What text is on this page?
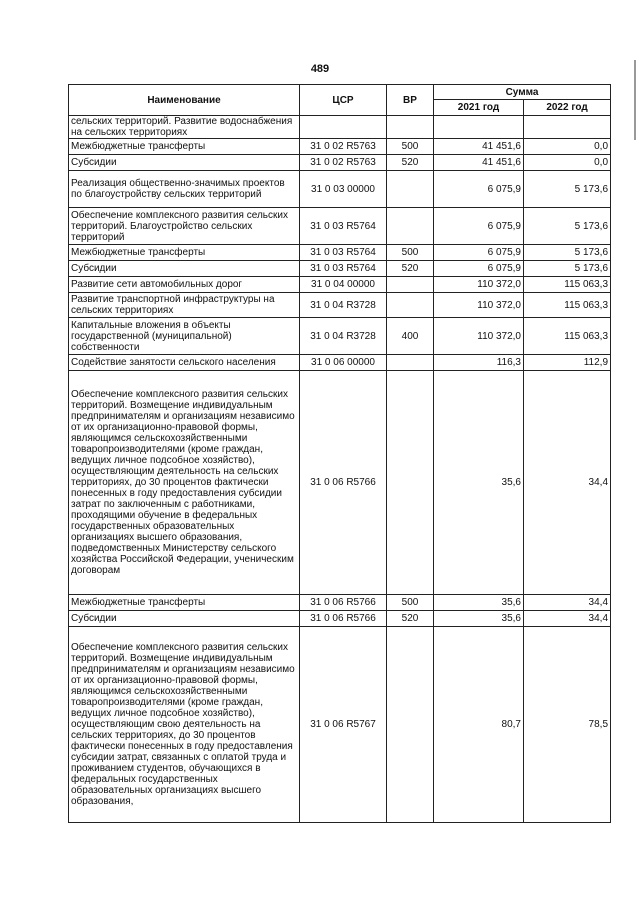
489
Наименование	ЦСР	ВР	Сумма	
			2021 год	2022 год
сельских территорий. Развитие водоснабжения на сельских территориях				
Межбюджетные трансферты	31 0 02 R5763	500	41 451,6	0,0
Субсидии	31 0 02 R5763	520	41 451,6	0,0
Реализация общественно-значимых проектов по благоустройству сельских территорий	31 0 03 00000		6 075,9	5 173,6
Обеспечение комплексного развития сельских территорий. Благоустройство сельских территорий	31 0 03 R5764		6 075,9	5 173,6
Межбюджетные трансферты	31 0 03 R5764	500	6 075,9	5 173,6
Субсидии	31 0 03 R5764	520	6 075,9	5 173,6
Развитие сети автомобильных дорог	31 0 04 00000		110 372,0	115 063,3
Развитие транспортной инфраструктуры на сельских территориях	31 0 04 R3728		110 372,0	115 063,3
Капитальные вложения в объекты государственной (муниципальной) собственности	31 0 04 R3728	400	110 372,0	115 063,3
Содействие занятости сельского населения	31 0 06 00000		116,3	112,9
Обеспечение комплексного развития сельских территорий. Возмещение индивидуальным предпринимателям и организациям независимо от их организационно-правовой формы, являющимся сельскохозяйственными товаропроизводителями (кроме граждан, ведущих личное подсобное хозяйство), осуществляющим деятельность на сельских территориях, до 30 процентов фактически понесенных в году предоставления субсидии затрат по заключенным с работниками, проходящими обучение в федеральных государственных образовательных организациях высшего образования, подведомственных Министерству сельского хозяйства Российской Федерации, ученическим договорам	31 0 06 R5766		35,6	34,4
Межбюджетные трансферты	31 0 06 R5766	500	35,6	34,4
Субсидии	31 0 06 R5766	520	35,6	34,4
Обеспечение комплексного развития сельских территорий. Возмещение индивидуальным предпринимателям и организациям независимо от их организационно-правовой формы, являющимся сельскохозяйственными товаропроизводителями (кроме граждан, ведущих личное подсобное хозяйство), осуществляющим свою деятельность на сельских территориях, до 30 процентов фактически понесенных в году предоставления субсидии затрат, связанных с оплатой труда и проживанием студентов, обучающихся в федеральных государственных образовательных организациях высшего образования,	31 0 06 R5767		80,7	78,5
